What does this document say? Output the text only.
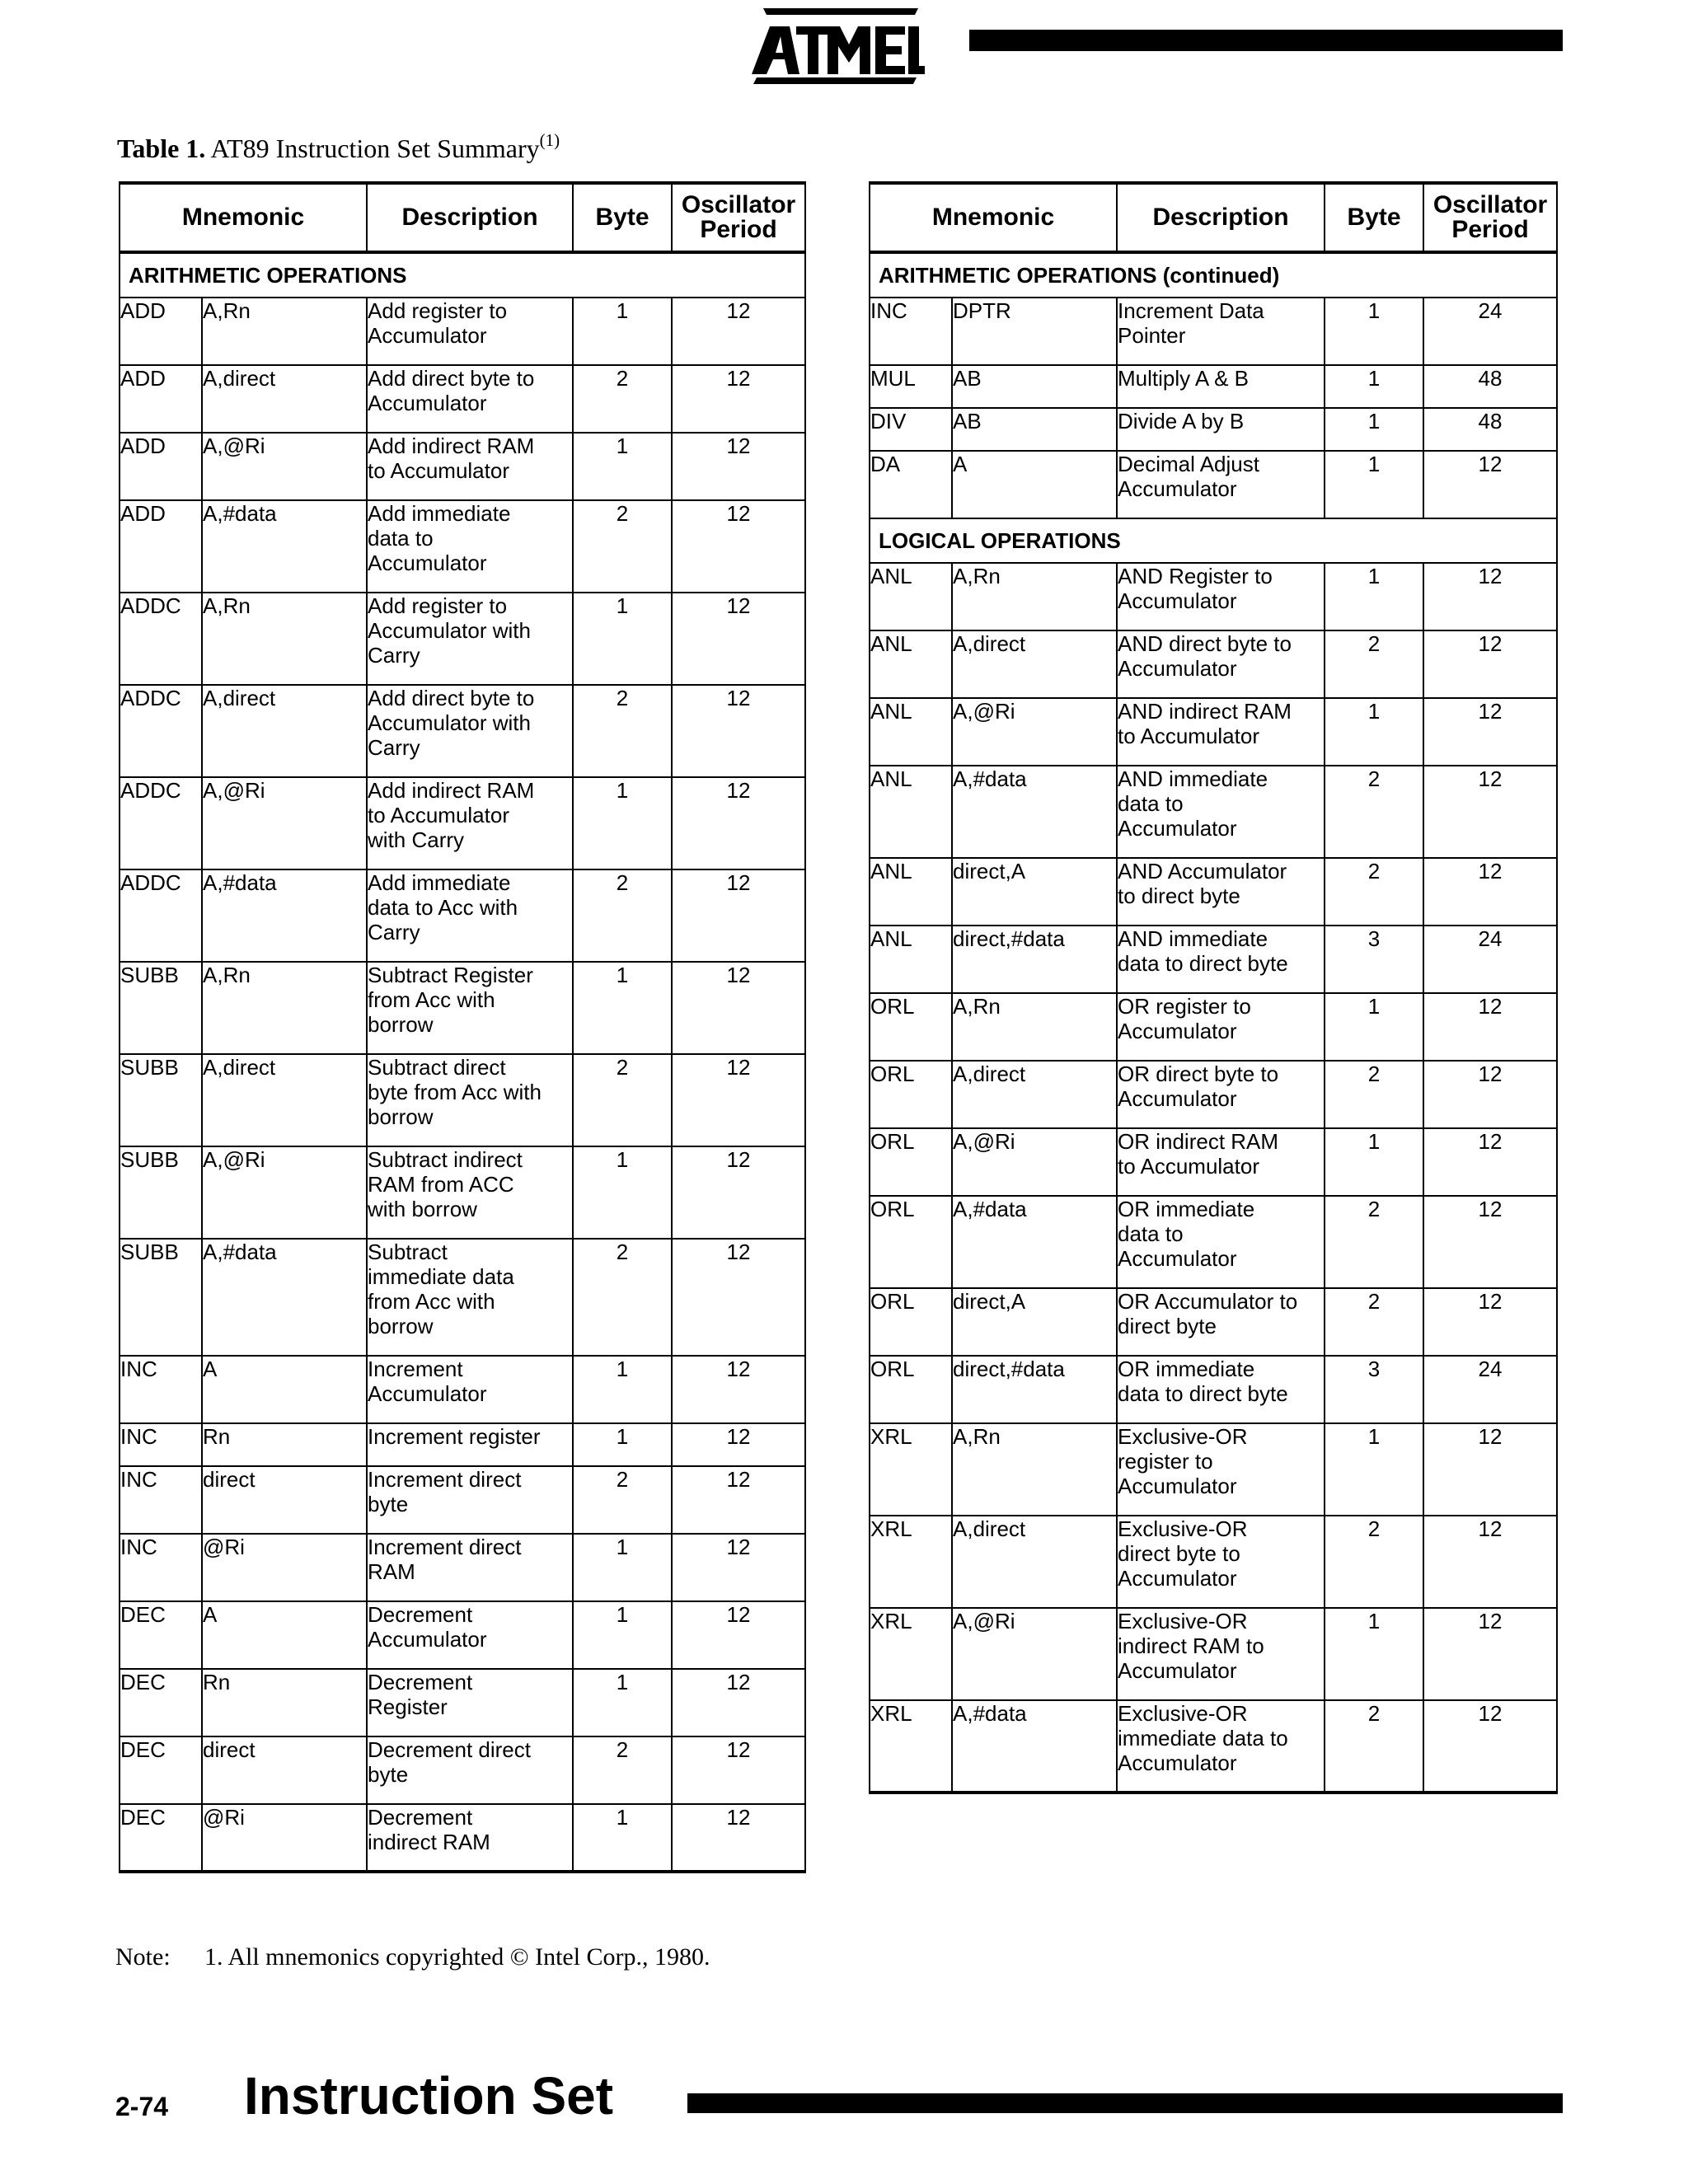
Table 1. AT89 Instruction Set Summary$^{(1)}$
Mnemonic		Description	Byte	Oscillator
Period
ARITHMETIC OPERATIONS				
ADD	A,Rn	Add register to
Accumulator	1	12
ADD	A,direct	Add direct byte to
Accumulator	2	12
ADD	A,@Ri	Add indirect RAM
to Accumulator	1	12
ADD	A,#data	Add immediate
data to
Accumulator	2	12
ADDC	A,Rn	Add register to
Accumulator with
Carry	1	12
ADDC	A,direct	Add direct byte to
Accumulator with
Carry	2	12
ADDC	A,@Ri	Add indirect RAM
to Accumulator
with Carry	1	12
ADDC	A,#data	Add immediate
data to Acc with
Carry	2	12
SUBB	A,Rn	Subtract Register
from Acc with
borrow	1	12
SUBB	A,direct	Subtract direct
byte from Acc with
borrow	2	12
SUBB	A,@Ri	Subtract indirect
RAM from ACC
with borrow	1	12
SUBB	A,#data	Subtract
immediate data
from Acc with
borrow	2	12
INC	A	Increment
Accumulator	1	12
INC	Rn	Increment register	1	12
INC	direct	Increment direct
byte	2	12
INC	@Ri	Increment direct
RAM	1	12
DEC	A	Decrement
Accumulator	1	12
DEC	Rn	Decrement
Register	1	12
DEC	direct	Decrement direct
byte	2	12
DEC	@Ri	Decrement
indirect RAM	1	12
Mnemonic		Description	Byte	Oscillator
Period
ARITHMETIC OPERATIONS (continued)				
INC	DPTR	Increment Data
Pointer	1	24
MUL	AB	Multiply A & B	1	48
DIV	AB	Divide A by B	1	48
DA	A	Decimal Adjust
Accumulator	1	12
LOGICAL OPERATIONS				
ANL	A,Rn	AND Register to
Accumulator	1	12
ANL	A,direct	AND direct byte to
Accumulator	2	12
ANL	A,@Ri	AND indirect RAM
to Accumulator	1	12
ANL	A,#data	AND immediate
data to
Accumulator	2	12
ANL	direct,A	AND Accumulator
to direct byte	2	12
ANL	direct,#data	AND immediate
data to direct byte	3	24
ORL	A,Rn	OR register to
Accumulator	1	12
ORL	A,direct	OR direct byte to
Accumulator	2	12
ORL	A,@Ri	OR indirect RAM
to Accumulator	1	12
ORL	A,#data	OR immediate
data to
Accumulator	2	12
ORL	direct,A	OR Accumulator to
direct byte	2	12
ORL	direct,#data	OR immediate
data to direct byte	3	24
XRL	A,Rn	Exclusive-OR
register to
Accumulator	1	12
XRL	A,direct	Exclusive-OR
direct byte to
Accumulator	2	12
XRL	A,@Ri	Exclusive-OR
indirect RAM to
Accumulator	1	12
XRL	A,#data	Exclusive-OR
immediate data to
Accumulator	2	12
Note: 1. All mnemonics copyrighted © Intel Corp., 1980.
2-74 Instruction Set
